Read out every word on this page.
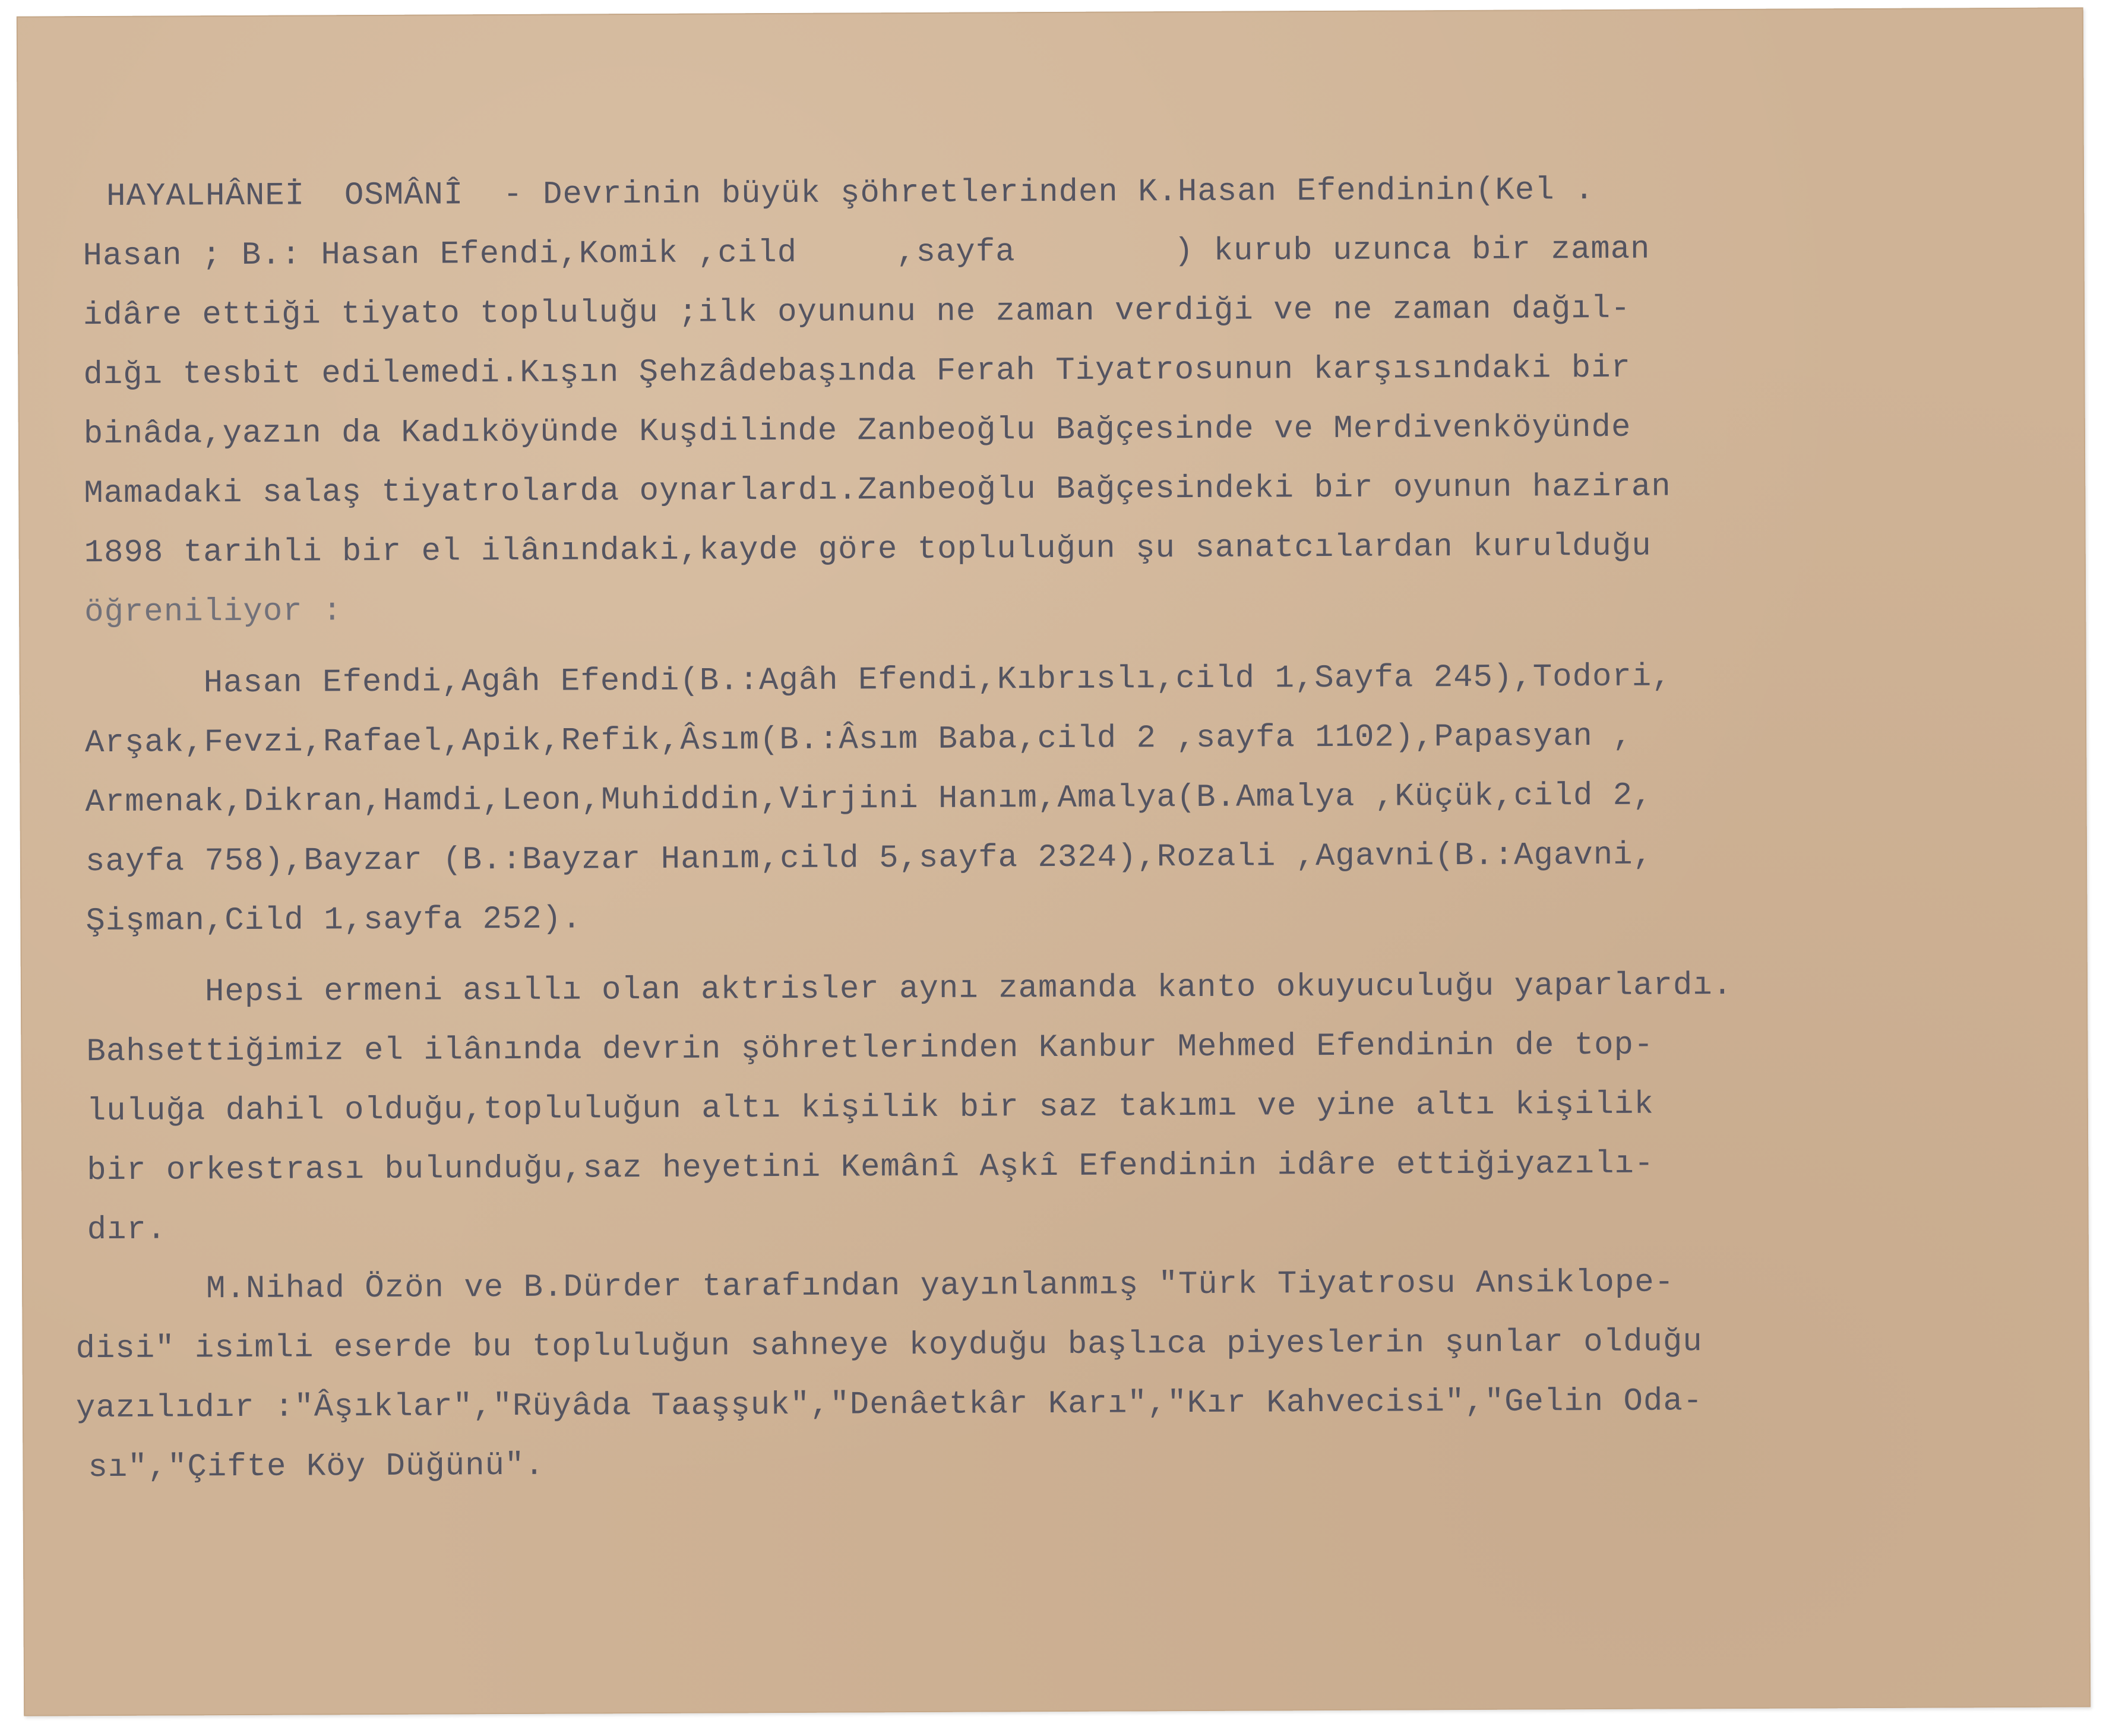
HAYALHÂNEİ  OSMÂNÎ  - Devrinin büyük şöhretlerinden K.Hasan Efendinin(Kel .
Hasan ; B.: Hasan Efendi,Komik ,cild     ,sayfa        ) kurub uzunca bir zaman
idâre ettiği tiyato topluluğu ;ilk oyununu ne zaman verdiği ve ne zaman dağıl-
dığı tesbit edilemedi.Kışın Şehzâdebaşında Ferah Tiyatrosunun karşısındaki bir
binâda,yazın da Kadıköyünde Kuşdilinde Zanbeoğlu Bağçesinde ve Merdivenköyünde
Mamadaki salaş tiyatrolarda oynarlardı.Zanbeoğlu Bağçesindeki bir oyunun haziran
1898 tarihli bir el ilânındaki,kayde göre topluluğun şu sanatcılardan kurulduğu
öğreniliyor :
Hasan Efendi,Agâh Efendi(B.:Agâh Efendi,Kıbrıslı,cild 1,Sayfa 245),Todori,
Arşak,Fevzi,Rafael,Apik,Refik,Âsım(B.:Âsım Baba,cild 2 ,sayfa 1102),Papasyan ,
Armenak,Dikran,Hamdi,Leon,Muhiddin,Virjini Hanım,Amalya(B.Amalya ,Küçük,cild 2,
sayfa 758),Bayzar (B.:Bayzar Hanım,cild 5,sayfa 2324),Rozali ,Agavni(B.:Agavni,
Şişman,Cild 1,sayfa 252).
Hepsi ermeni asıllı olan aktrisler aynı zamanda kanto okuyuculuğu yaparlardı.
Bahsettiğimiz el ilânında devrin şöhretlerinden Kanbur Mehmed Efendinin de top-
luluğa dahil olduğu,topluluğun altı kişilik bir saz takımı ve yine altı kişilik
bir orkestrası bulunduğu,saz heyetini Kemânî Aşkî Efendinin idâre ettiğiyazılı-
dır.
M.Nihad Özön ve B.Dürder tarafından yayınlanmış "Türk Tiyatrosu Ansiklope-
disi" isimli eserde bu topluluğun sahneye koyduğu başlıca piyeslerin şunlar olduğu
yazılıdır :"Âşıklar","Rüyâda Taaşşuk","Denâetkâr Karı","Kır Kahvecisi","Gelin Oda-
sı","Çifte Köy Düğünü".
